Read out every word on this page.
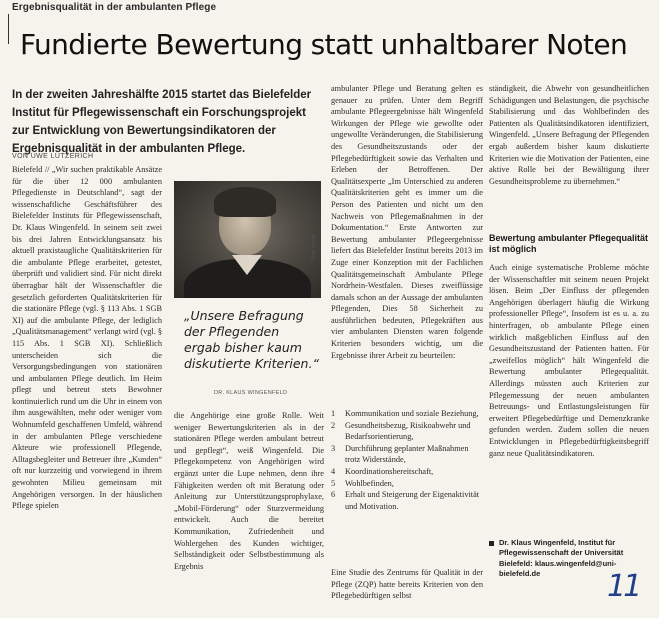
Ergebnisqualität in der ambulanten Pflege
Fundierte Bewertung statt unhaltbarer Noten
In der zweiten Jahreshälfte 2015 startet das Bielefelder Institut für Pflegewissenschaft ein Forschungsprojekt zur Entwicklung von Bewertungsindikatoren der Ergebnisqualität in der ambulanten Pflege.
VON UWE LÜTZERICH

Bielefeld // „Wir suchen praktikable Ansätze für die über 12 000 ambulanten Pflegedienste in Deutschland“, sagt der wissenschaftliche Geschäftsführer des Bielefelder Instituts für Pflegewissenschaft, Dr. Klaus Wingenfeld. In seinem seit zwei bis drei Jahren Entwicklungsansatz bis aktuell praxistaugliche Qualitätskriterien für die ambulante Pflege erarbeitet, getestet, überprüft und validiert sind. Für nicht direkt überragbar hält der Wissenschaftler die gesetzlich geforderten Qualitätskriterien für die stationäre Pflege (vgl. § 113 Abs. 1 SGB XI) auf die ambulante Pflege, der lediglich „Qualitätsmanagement“ verlangt wird (vgl. § 115 Abs. 1 SGB XI). Schließlich unterscheiden sich die Versorgungsbedingungen von stationären und ambulanten Pflege deutlich. Im Heim pflegt und betreut stets Bewohner kontinuierlich rund um die Uhr in einem von ihm ausgewählten, mehr oder weniger vom Wohnumfeld geschaffenen Umfeld, während in der ambulanten Pflege verschiedene Akteure wie professionell Pflegende, Alltagsbegleiter und Betreuer ihre „Kunden“ oft nur kurzzeitig und vorwiegend in ihrem gewohnten Milieu gemeinsam mit Angehörigen versorgen. In der häuslichen Pflege spielen

Foto: privat
„Unsere Befragung der Pflegenden ergab bisher kaum diskutierte Kriterien.“
DR. KLAUS WINGENFELD

die Angehörige eine große Rolle. Weit weniger Bewertungskriterien als in der stationären Pflege werden ambulant betreut und gepflegt“, weiß Wingenfeld. Die Pflegekompetenz von Angehörigen wird ergänzt unter die Lupe nehmen, denn ihre Fähigkeiten werden oft mit Beratung oder Anleitung zur Unterstützungsprophylaxe, „Mobil-Förderung“ oder Sturzvermeidung entwickelt. Auch die bereitet Kommunikation, Zufriedenheit und Wohlergehen des Kunden wichtiger, Selbständigkeit oder Selbstbestimmung als Ergebnis

ambulanter Pflege und Beratung gelten es genauer zu prüfen. Unter dem Begriff ambulante Pflegeergebnisse hält Wingenfeld Wirkungen der Pflege wie gewollte oder ungewollte Veränderungen, die Stabilisierung des Gesundheitszustands oder der Pflegebedürftigkeit sowie das Verhalten und Erleben der Betroffenen. Der Qualitätsexperte „Im Unterschied zu anderen Qualitätskriterien geht es immer um die Person des Patienten und nicht um den Nachweis von Pflegemaßnahmen in der Dokumentation.“ Erste Antworten zur Bewertung ambulanter Pflegeergebnisse liefert das Bielefelder Institut bereits 2013 im Zuge einer Konzeption mit der Fachlichen Qualitätsgemeinschaft Ambulante Pflege Nordrhein-Westfalen. Dieses zweiflüssige damals schon an der Aussage der ambulanten Pflegenden, Dies 58 Sicherheit zu ausführlichen bedeuten, Pflegekräften aus vier ambulanten Diensten waren folgende Kriterien besonders wichtig, um die Ergebnisse ihrer Arbeit zu beurteilen:

1	Kommunikation und soziale Beziehung,
2	Gesundheitsbezug, Risikoabwehr und Bedarfsorientierung,
3	Durchführung geplanter Maßnahmen trotz Widerstände,
4	Koordinationsbereitschaft,
5	Wohlbefinden,
6	Erhalt und Steigerung der Eigenaktivität und Motivation.

Eine Studie des Zentrums für Qualität in der Pflege (ZQP) hatte bereits Kriterien von den Pflegebedürftigen selbst

ständigkeit, die Abwehr von gesundheitlichen Schädigungen und Belastungen, die psychische Stabilisierung und das Wohlbefinden des Patienten als Qualitätsindikatoren identifiziert, Wingenfeld. „Unsere Befragung der Pflegenden ergab außerdem bisher kaum diskutierte Kriterien wie die Motivation der Patienten, eine aktive Rolle bei der Bewältigung ihrer Gesundheitsprobleme zu übernehmen.“

Bewertung ambulanter Pflegequalität ist möglich

Auch einige systematische Probleme möchte der Wissenschaftler mit seinem neuen Projekt lösen. Beim „Der Einfluss der pflegenden Angehörigen überlagert häufig die Wirkung professioneller Pflege“, Insofern ist es u. a. zu hinterfragen, ob ambulante Pflege einen wirklich maßgeblichen Einfluss auf den Gesundheitszustand der Patienten hatten. Für „zweifellos möglich“ hält Wingenfeld die Bewertung ambulanter Pflegequalität. Allerdings müssten auch Kriterien zur Pflegemessung der neuen ambulanten Betreuungs- und Entlastungsleistungen für erweitert Pflegebedürftige und Demenzkranke gefunden werden. Zudem sollen die neuen Entwicklungen in Pflegebedürftigkeitsbegriff ganz neue Qualitätsindikatoren.

Dr. Klaus Wingenfeld, Institut für Pflegewissenschaft der Universität Bielefeld: klaus.wingenfeld@uni-bielefeld.de	11
